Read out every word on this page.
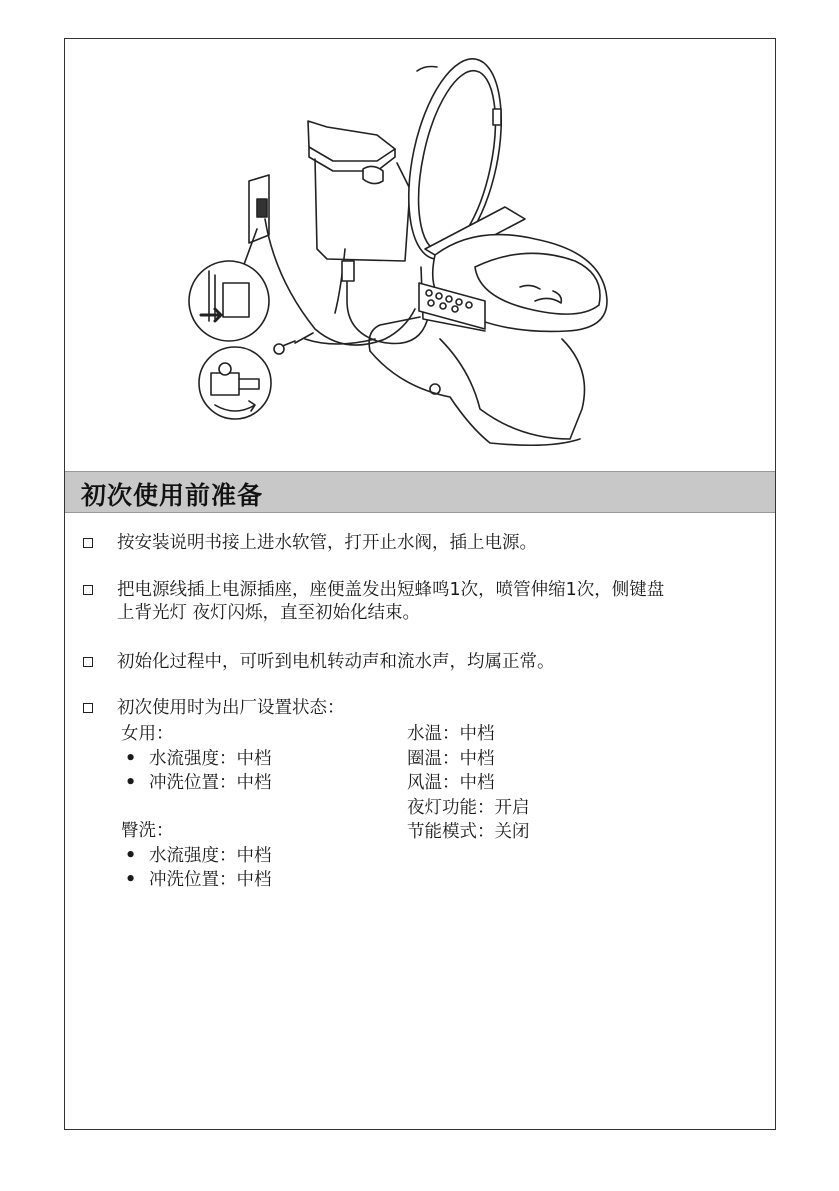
初次使用前准备
按安装说明书接上进水软管，打开止水阀，插上电源。
把电源线插上电源插座，座便盖发出短蜂鸣1次，喷管伸缩1次，侧键盘
上背光灯 夜灯闪烁，直至初始化结束。
初始化过程中，可听到电机转动声和流水声，均属正常。
初次使用时为出厂设置状态：
女用：
• 水流强度：中档
• 冲洗位置：中档
臀洗：
• 水流强度：中档
• 冲洗位置：中档
水温：中档
圈温：中档
风温：中档
夜灯功能：开启
节能模式：关闭
